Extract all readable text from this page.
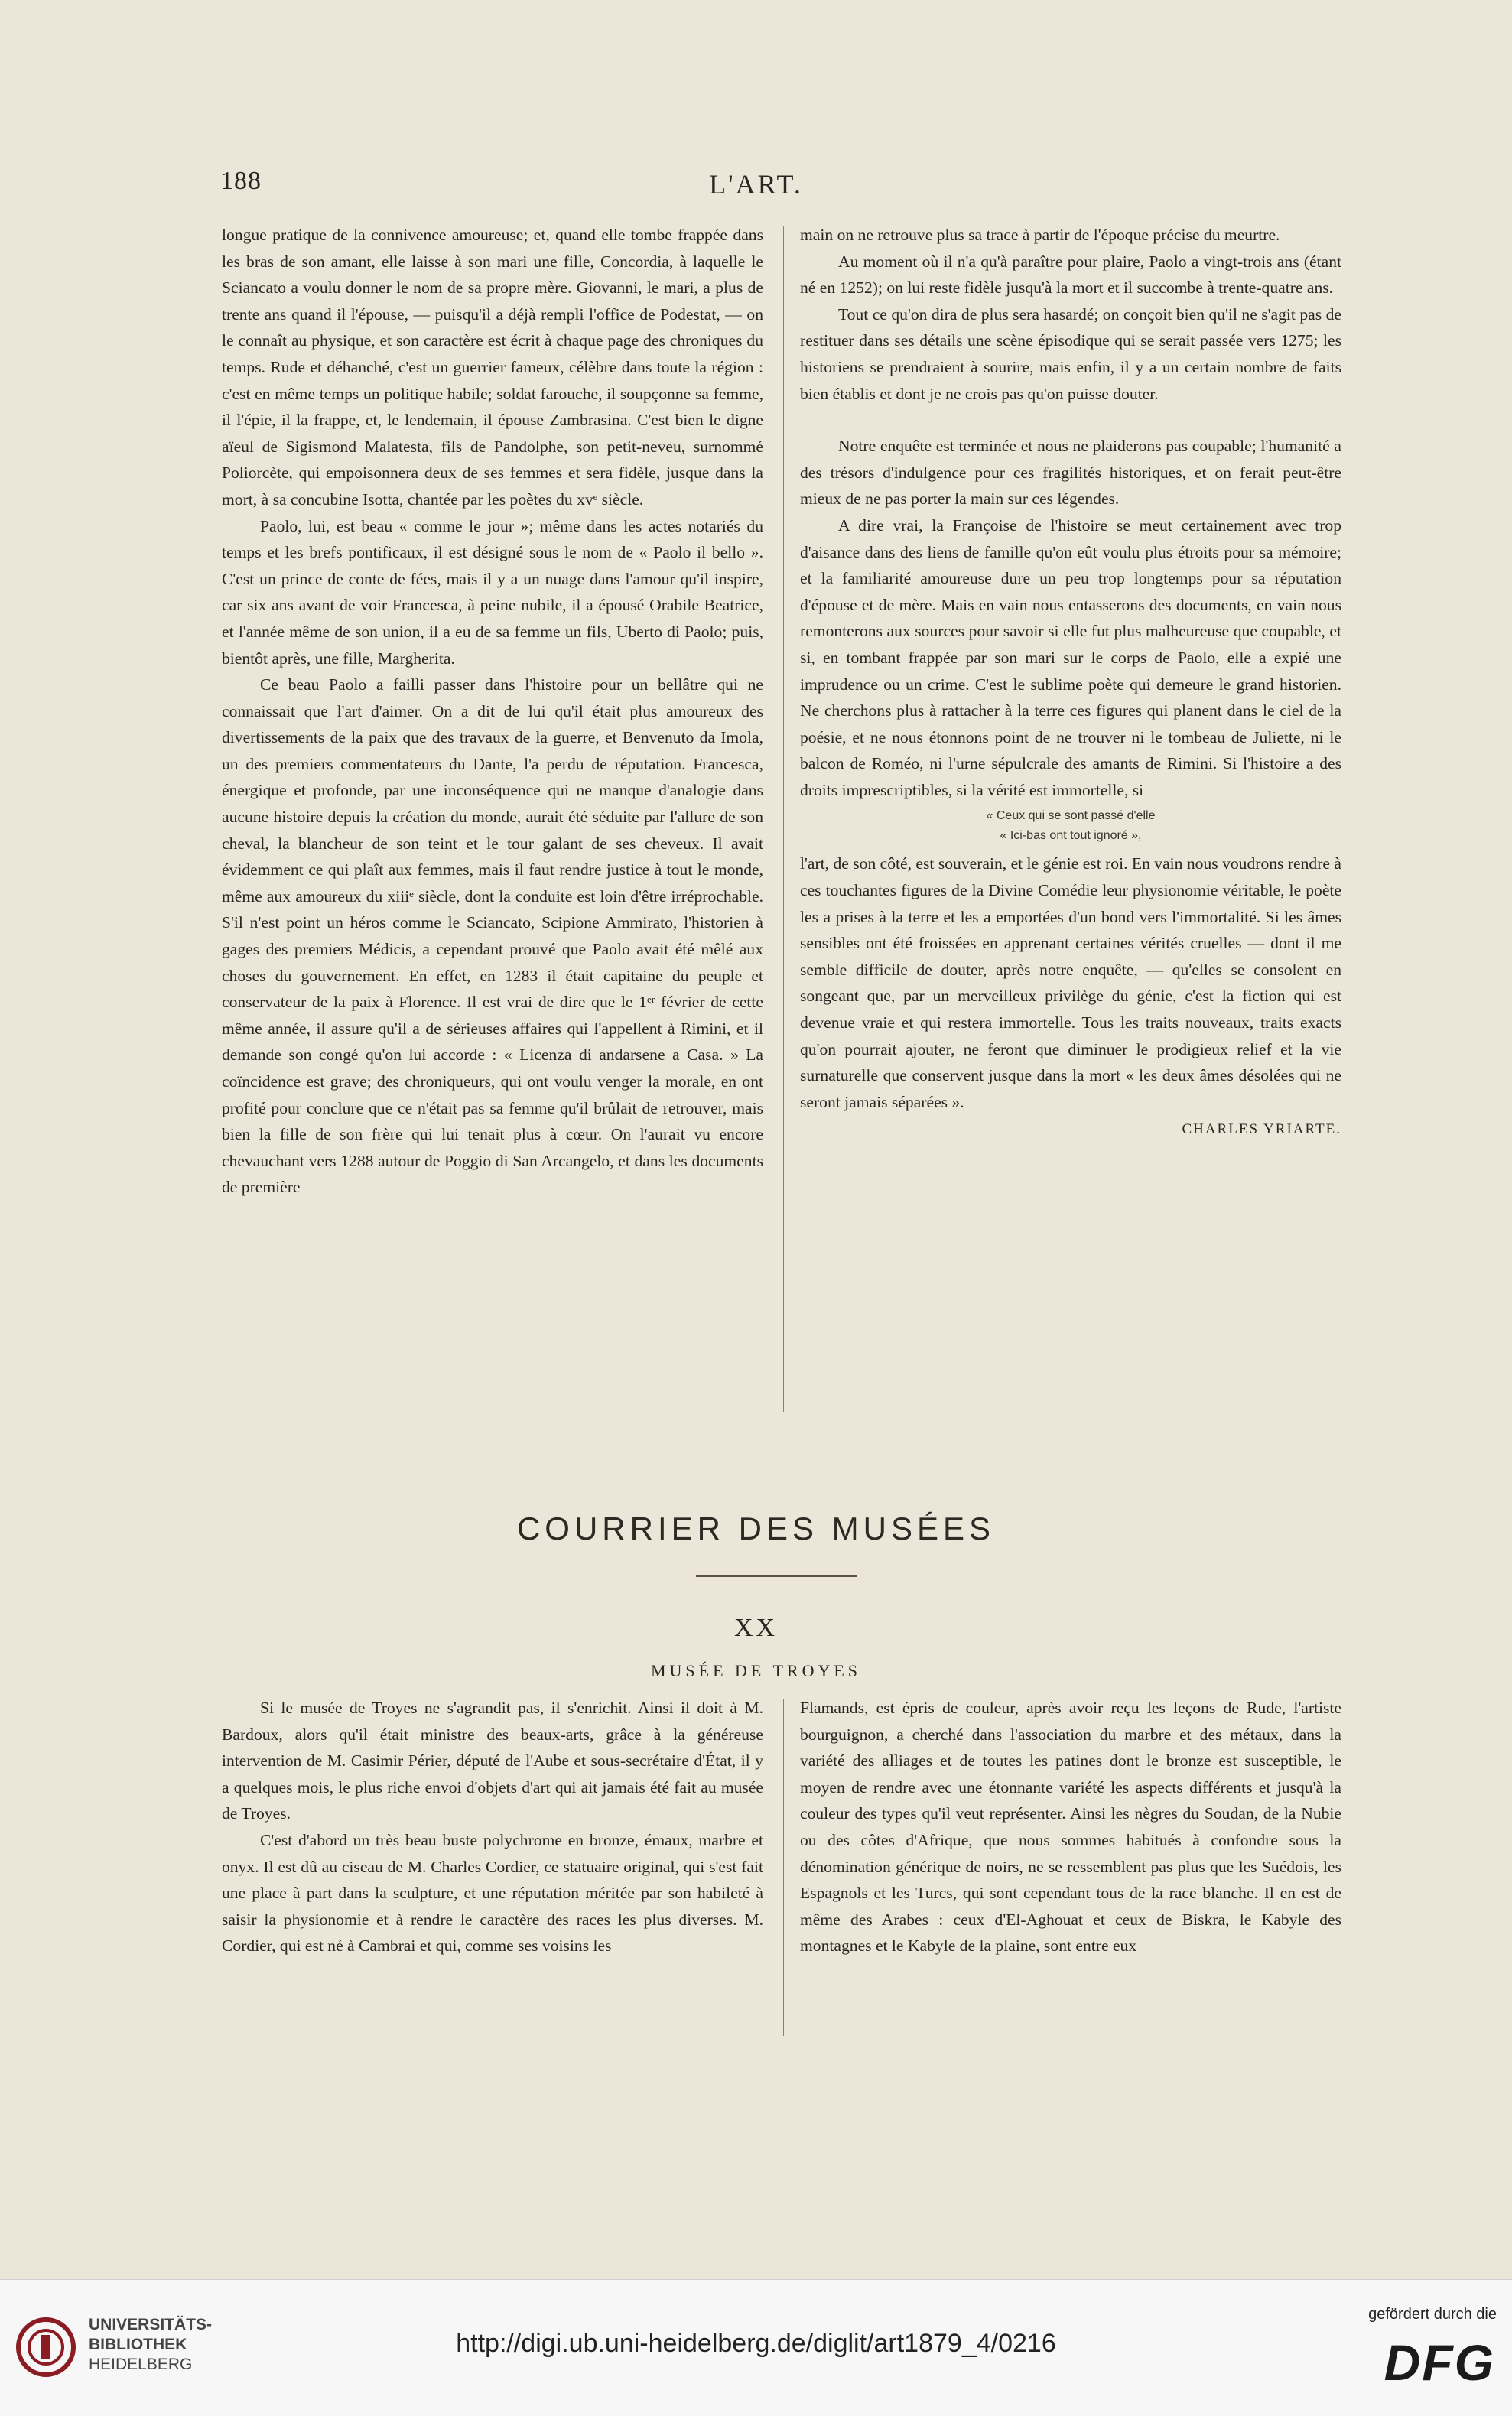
188	L'ART.

longue pratique de la connivence amoureuse; et, quand elle tombe frappée dans les bras de son amant, elle laisse à son mari une fille, Concordia, à laquelle le Sciancato a voulu donner le nom de sa propre mère. Giovanni, le mari, a plus de trente ans quand il l'épouse, — puisqu'il a déjà rempli l'office de Podestat, — on le connaît au physique, et son caractère est écrit à chaque page des chroniques du temps. Rude et déhanché, c'est un guerrier fameux, célèbre dans toute la région : c'est en même temps un politique habile; soldat farouche, il soupçonne sa femme, il l'épie, il la frappe, et, le lendemain, il épouse Zambrasina. C'est bien le digne aïeul de Sigismond Malatesta, fils de Pandolphe, son petit-neveu, surnommé Poliorcète, qui empoisonnera deux de ses femmes et sera fidèle, jusque dans la mort, à sa concubine Isotta, chantée par les poètes du xvᵉ siècle.

Paolo, lui, est beau « comme le jour »; même dans les actes notariés du temps et les brefs pontificaux, il est désigné sous le nom de « Paolo il bello ». C'est un prince de conte de fées, mais il y a un nuage dans l'amour qu'il inspire, car six ans avant de voir Francesca, à peine nubile, il a épousé Orabile Beatrice, et l'année même de son union, il a eu de sa femme un fils, Uberto di Paolo; puis, bientôt après, une fille, Margherita.

Ce beau Paolo a failli passer dans l'histoire pour un bellâtre qui ne connaissait que l'art d'aimer. On a dit de lui qu'il était plus amoureux des divertissements de la paix que des travaux de la guerre, et Benvenuto da Imola, un des premiers commentateurs du Dante, l'a perdu de réputation. Francesca, énergique et profonde, par une inconséquence qui ne manque d'analogie dans aucune histoire depuis la création du monde, aurait été séduite par l'allure de son cheval, la blancheur de son teint et le tour galant de ses cheveux. Il avait évidemment ce qui plaît aux femmes, mais il faut rendre justice à tout le monde, même aux amoureux du xiiiᵉ siècle, dont la conduite est loin d'être irréprochable. S'il n'est point un héros comme le Sciancato, Scipione Ammirato, l'historien à gages des premiers Médicis, a cependant prouvé que Paolo avait été mêlé aux choses du gouvernement. En effet, en 1283 il était capitaine du peuple et conservateur de la paix à Florence. Il est vrai de dire que le 1ᵉʳ février de cette même année, il assure qu'il a de sérieuses affaires qui l'appellent à Rimini, et il demande son congé qu'on lui accorde : « Licenza di andarsene a Casa. » La coïncidence est grave; des chroniqueurs, qui ont voulu venger la morale, en ont profité pour conclure que ce n'était pas sa femme qu'il brûlait de retrouver, mais bien la fille de son frère qui lui tenait plus à cœur. On l'aurait vu encore chevauchant vers 1288 autour de Poggio di San Arcangelo, et dans les documents de première

main on ne retrouve plus sa trace à partir de l'époque précise du meurtre.

Au moment où il n'a qu'à paraître pour plaire, Paolo a vingt-trois ans (étant né en 1252); on lui reste fidèle jusqu'à la mort et il succombe à trente-quatre ans.

Tout ce qu'on dira de plus sera hasardé; on conçoit bien qu'il ne s'agit pas de restituer dans ses détails une scène épisodique qui se serait passée vers 1275; les historiens se prendraient à sourire, mais enfin, il y a un certain nombre de faits bien établis et dont je ne crois pas qu'on puisse douter.

Notre enquête est terminée et nous ne plaiderons pas coupable; l'humanité a des trésors d'indulgence pour ces fragilités historiques, et on ferait peut-être mieux de ne pas porter la main sur ces légendes.

A dire vrai, la Françoise de l'histoire se meut certainement avec trop d'aisance dans des liens de famille qu'on eût voulu plus étroits pour sa mémoire; et la familiarité amoureuse dure un peu trop longtemps pour sa réputation d'épouse et de mère. Mais en vain nous entasserons des documents, en vain nous remonterons aux sources pour savoir si elle fut plus malheureuse que coupable, et si, en tombant frappée par son mari sur le corps de Paolo, elle a expié une imprudence ou un crime. C'est le sublime poète qui demeure le grand historien. Ne cherchons plus à rattacher à la terre ces figures qui planent dans le ciel de la poésie, et ne nous étonnons point de ne trouver ni le tombeau de Juliette, ni le balcon de Roméo, ni l'urne sépulcrale des amants de Rimini. Si l'histoire a des droits imprescriptibles, si la vérité est immortelle, si

« Ceux qui se sont passé d'elle
« Ici-bas ont tout ignoré »,

l'art, de son côté, est souverain, et le génie est roi. En vain nous voudrons rendre à ces touchantes figures de la Divine Comédie leur physionomie véritable, le poète les a prises à la terre et les a emportées d'un bond vers l'immortalité. Si les âmes sensibles ont été froissées en apprenant certaines vérités cruelles — dont il me semble difficile de douter, après notre enquête, — qu'elles se consolent en songeant que, par un merveilleux privilège du génie, c'est la fiction qui est devenue vraie et qui restera immortelle. Tous les traits nouveaux, traits exacts qu'on pourrait ajouter, ne feront que diminuer le prodigieux relief et la vie surnaturelle que conservent jusque dans la mort « les deux âmes désolées qui ne seront jamais séparées ».

CHARLES YRIARTE.
COURRIER DES MUSÉES
XX
MUSÉE DE TROYES

Si le musée de Troyes ne s'agrandit pas, il s'enrichit. Ainsi il doit à M. Bardoux, alors qu'il était ministre des beaux-arts, grâce à la généreuse intervention de M. Casimir Périer, député de l'Aube et sous-secrétaire d'État, il y a quelques mois, le plus riche envoi d'objets d'art qui ait jamais été fait au musée de Troyes.

C'est d'abord un très beau buste polychrome en bronze, émaux, marbre et onyx. Il est dû au ciseau de M. Charles Cordier, ce statuaire original, qui s'est fait une place à part dans la sculpture, et une réputation méritée par son habileté à saisir la physionomie et à rendre le caractère des races les plus diverses. M. Cordier, qui est né à Cambrai et qui, comme ses voisins les

Flamands, est épris de couleur, après avoir reçu les leçons de Rude, l'artiste bourguignon, a cherché dans l'association du marbre et des métaux, dans la variété des alliages et de toutes les patines dont le bronze est susceptible, le moyen de rendre avec une étonnante variété les aspects différents et jusqu'à la couleur des types qu'il veut représenter. Ainsi les nègres du Soudan, de la Nubie ou des côtes d'Afrique, que nous sommes habitués à confondre sous la dénomination générique de noirs, ne se ressemblent pas plus que les Suédois, les Espagnols et les Turcs, qui sont cependant tous de la race blanche. Il en est de même des Arabes : ceux d'El-Aghouat et ceux de Biskra, le Kabyle des montagnes et le Kabyle de la plaine, sont entre eux

UNIVERSITÄTS-
BIBLIOTHEK
HEIDELBERG
http://digi.ub.uni-heidelberg.de/diglit/art1879_4/0216
gefördert durch die
DFG
